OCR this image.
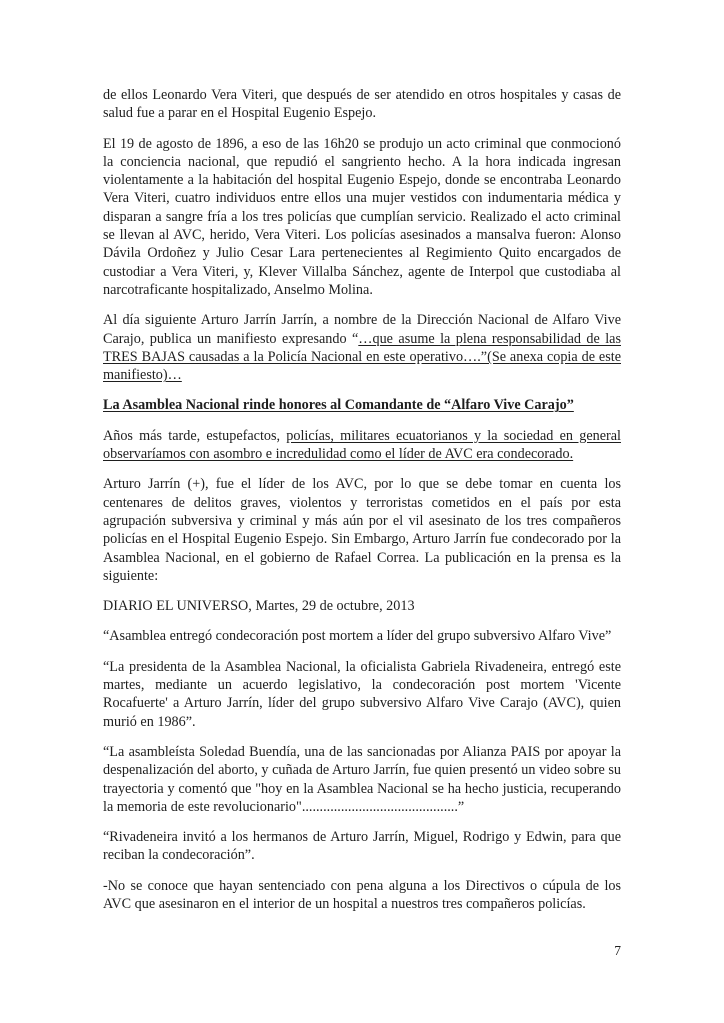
de ellos Leonardo Vera Viteri, que después de ser atendido en otros hospitales y casas de salud fue a parar en el Hospital Eugenio Espejo.

El 19 de agosto de 1896, a eso de las 16h20 se produjo un acto criminal que conmocionó la conciencia nacional, que repudió el sangriento hecho. A la hora indicada ingresan violentamente a la habitación del hospital Eugenio Espejo, donde se encontraba Leonardo Vera Viteri, cuatro individuos entre ellos una mujer vestidos con indumentaria médica y disparan a sangre fría a los tres policías que cumplían servicio. Realizado el acto criminal se llevan al AVC, herido, Vera Viteri. Los policías asesinados a mansalva fueron: Alonso Dávila Ordoñez y Julio Cesar Lara pertenecientes al Regimiento Quito encargados de custodiar a Vera Viteri, y, Klever Villalba Sánchez, agente de Interpol que custodiaba al narcotraficante hospitalizado, Anselmo Molina.

Al día siguiente Arturo Jarrín Jarrín, a nombre de la Dirección Nacional de Alfaro Vive Carajo, publica un manifiesto expresando “…que asume la plena responsabilidad de las TRES BAJAS causadas a la Policía Nacional en este operativo….”(Se anexa copia de este manifiesto)…

La Asamblea Nacional rinde honores al Comandante de “Alfaro Vive Carajo”

Años más tarde, estupefactos, policías, militares ecuatorianos y la sociedad en general observaríamos con asombro e incredulidad como el líder de AVC era condecorado.

Arturo Jarrín (+), fue el líder de los AVC, por lo que se debe tomar en cuenta los centenares de delitos graves, violentos y terroristas cometidos en el país por esta agrupación subversiva y criminal y más aún por el vil asesinato de los tres compañeros policías en el Hospital Eugenio Espejo. Sin Embargo, Arturo Jarrín fue condecorado por la Asamblea Nacional, en el gobierno de Rafael Correa. La publicación en la prensa es la siguiente:

DIARIO EL UNIVERSO, Martes, 29 de octubre, 2013

“Asamblea entregó condecoración post mortem a líder del grupo subversivo Alfaro Vive”

“La presidenta de la Asamblea Nacional, la oficialista Gabriela Rivadeneira, entregó este martes, mediante un acuerdo legislativo, la condecoración post mortem 'Vicente Rocafuerte' a Arturo Jarrín, líder del grupo subversivo Alfaro Vive Carajo (AVC), quien murió en 1986”.

“La asambleísta Soledad Buendía, una de las sancionadas por Alianza PAIS por apoyar la despenalización del aborto, y cuñada de Arturo Jarrín, fue quien presentó un video sobre su trayectoria y comentó que "hoy en la Asamblea Nacional se ha hecho justicia, recuperando la memoria de este revolucionario"............................................”

“Rivadeneira invitó a los hermanos de Arturo Jarrín, Miguel, Rodrigo y Edwin, para que reciban la condecoración”.

-No se conoce que hayan sentenciado con pena alguna a los Directivos o cúpula de los AVC que asesinaron en el interior de un hospital a nuestros tres compañeros policías.

7
